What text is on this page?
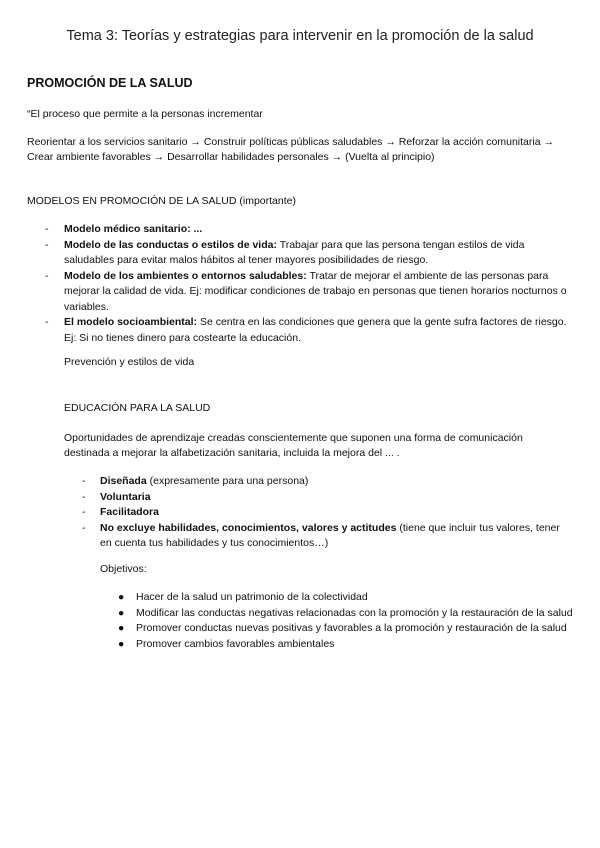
Tema 3: Teorías y estrategias para intervenir en la promoción de la salud
PROMOCIÓN DE LA SALUD
“El proceso que permite a la personas incrementar
Reorientar a los servicios sanitario → Construir políticas públicas saludables → Reforzar la acción comunitaria → Crear ambiente favorables → Desarrollar habilidades personales → (Vuelta al principio)
MODELOS EN PROMOCIÓN DE LA SALUD (importante)
- Modelo médico sanitario: ...
- Modelo de las conductas o estilos de vida: Trabajar para que las persona tengan estilos de vida saludables para evitar malos hábitos al tener mayores posibilidades de riesgo.
- Modelo de los ambientes o entornos saludables: Tratar de mejorar el ambiente de las personas para mejorar la calidad de vida. Ej: modificar condiciones de trabajo en personas que tienen horarios nocturnos o variables.
- El modelo socioambiental: Se centra en las condiciones que genera que la gente sufra factores de riesgo. Ej: Si no tienes dinero para costearte la educación.
Prevención y estilos de vida
EDUCACIÓN PARA LA SALUD
Oportunidades de aprendizaje creadas conscientemente que suponen una forma de comunicación destinada a mejorar la alfabetización sanitaria, incluida la mejora del ... .
- Diseñada (expresamente para una persona)
- Voluntaria
- Facilitadora
- No excluye habilidades, conocimientos, valores y actitudes (tiene que incluir tus valores, tener en cuenta tus habilidades y tus conocimientos…)
Objetivos:
● Hacer de la salud un patrimonio de la colectividad
● Modificar las conductas negativas relacionadas con la promoción y la restauración de la salud
● Promover conductas nuevas positivas y favorables a la promoción y restauración de la salud
● Promover cambios favorables ambientales
